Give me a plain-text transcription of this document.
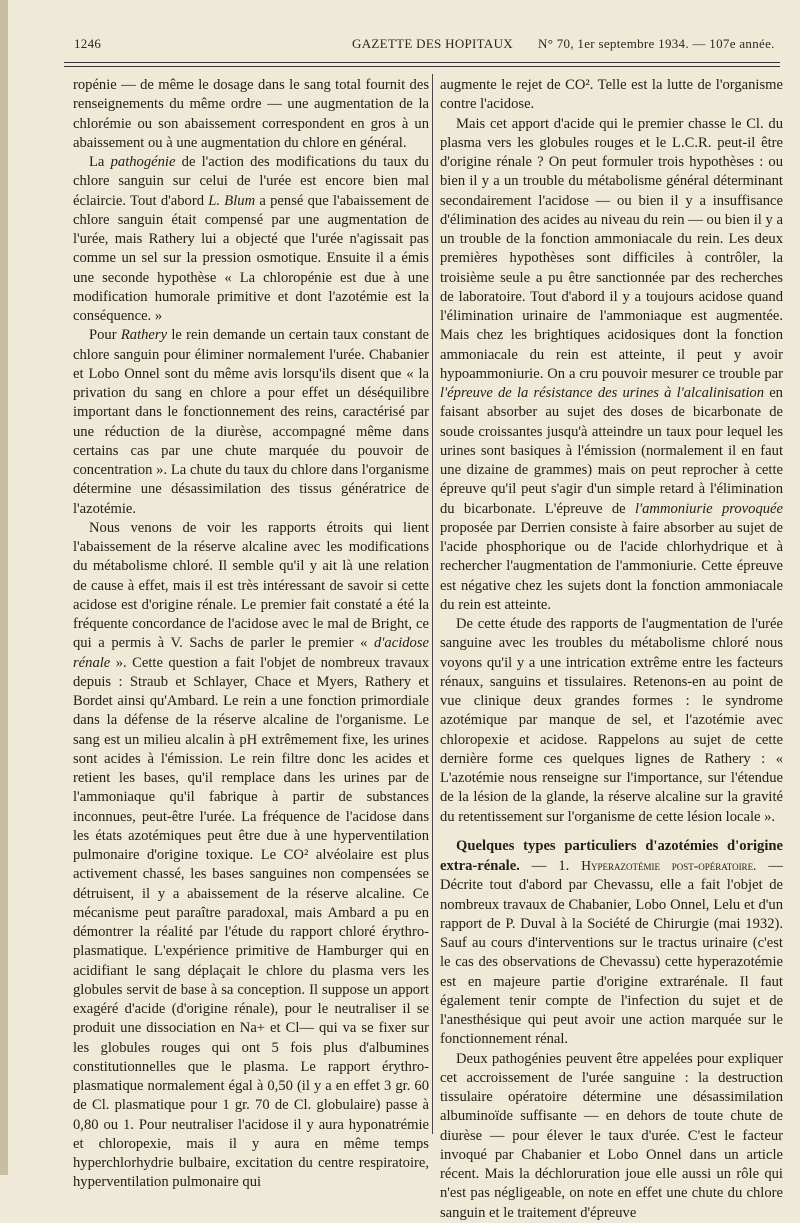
1246	GAZETTE DES HOPITAUX N° 70, 1er septembre 1934. — 107e année.

ropénie — de même le dosage dans le sang total fournit des renseignements du même ordre — une augmentation de la chlorémie ou son abaissement correspondent en gros à un abaissement ou à une augmentation du chlore en général.

La pathogénie de l'action des modifications du taux du chlore sanguin sur celui de l'urée est encore bien mal éclaircie. Tout d'abord L. Blum a pensé que l'abaissement de chlore sanguin était compensé par une augmentation de l'urée, mais Rathery lui a objecté que l'urée n'agissait pas comme un sel sur la pression osmotique. Ensuite il a émis une seconde hypothèse « La chloropénie est due à une modification humorale primitive et dont l'azotémie est la conséquence. »

Pour Rathery le rein demande un certain taux constant de chlore sanguin pour éliminer normalement l'urée. Chabanier et Lobo Onnel sont du même avis lorsqu'ils disent que « la privation du sang en chlore a pour effet un déséquilibre important dans le fonctionnement des reins, caractérisé par une réduction de la diurèse, accompagné même dans certains cas par une chute marquée du pouvoir de concentration ». La chute du taux du chlore dans l'organisme détermine une désassimilation des tissus génératrice de l'azotémie.

Nous venons de voir les rapports étroits qui lient l'abaissement de la réserve alcaline avec les modifications du métabolisme chloré. Il semble qu'il y ait là une relation de cause à effet, mais il est très intéressant de savoir si cette acidose est d'origine rénale. Le premier fait constaté a été la fréquente concordance de l'acidose avec le mal de Bright, ce qui a permis à V. Sachs de parler le premier « d'acidose rénale ». Cette question a fait l'objet de nombreux travaux depuis : Straub et Schlayer, Chace et Myers, Rathery et Bordet ainsi qu'Ambard. Le rein a une fonction primordiale dans la défense de la réserve alcaline de l'organisme. Le sang est un milieu alcalin à pH extrêmement fixe, les urines sont acides à l'émission. Le rein filtre donc les acides et retient les bases, qu'il remplace dans les urines par de l'ammoniaque qu'il fabrique à partir de substances inconnues, peut-être l'urée. La fréquence de l'acidose dans les états azotémiques peut être due à une hyperventilation pulmonaire d'origine toxique. Le CO² alvéolaire est plus activement chassé, les bases sanguines non compensées se détruisent, il y a abaissement de la réserve alcaline. Ce mécanisme peut paraître paradoxal, mais Ambard a pu en démontrer la réalité par l'étude du rapport chloré érythro-plasmatique. L'expérience primitive de Hamburger qui en acidifiant le sang déplaçait le chlore du plasma vers les globules servit de base à sa conception. Il suppose un apport exagéré d'acide (d'origine rénale), pour le neutraliser il se produit une dissociation en Na+ et Cl— qui va se fixer sur les globules rouges qui ont 5 fois plus d'albumines constitutionnelles que le plasma. Le rapport érythro-plasmatique normalement égal à 0,50 (il y a en effet 3 gr. 60 de Cl. plasmatique pour 1 gr. 70 de Cl. globulaire) passe à 0,80 ou 1. Pour neutraliser l'acidose il y aura hyponatrémie et chloropexie, mais il y aura en même temps hyperchlorhydrie bulbaire, excitation du centre respiratoire, hyperventilation pulmonaire qui

augmente le rejet de CO². Telle est la lutte de l'organisme contre l'acidose.

Mais cet apport d'acide qui le premier chasse le Cl. du plasma vers les globules rouges et le L.C.R. peut-il être d'origine rénale ? On peut formuler trois hypothèses : ou bien il y a un trouble du métabolisme général déterminant secondairement l'acidose — ou bien il y a insuffisance d'élimination des acides au niveau du rein — ou bien il y a un trouble de la fonction ammoniacale du rein. Les deux premières hypothèses sont difficiles à contrôler, la troisième seule a pu être sanctionnée par des recherches de laboratoire. Tout d'abord il y a toujours acidose quand l'élimination urinaire de l'ammoniaque est augmentée. Mais chez les brightiques acidosiques dont la fonction ammoniacale du rein est atteinte, il peut y avoir hypoammoniurie. On a cru pouvoir mesurer ce trouble par l'épreuve de la résistance des urines à l'alcalinisation en faisant absorber au sujet des doses de bicarbonate de soude croissantes jusqu'à atteindre un taux pour lequel les urines sont basiques à l'émission (normalement il en faut une dizaine de grammes) mais on peut reprocher à cette épreuve qu'il peut s'agir d'un simple retard à l'élimination du bicarbonate. L'épreuve de l'ammoniurie provoquée proposée par Derrien consiste à faire absorber au sujet de l'acide phosphorique ou de l'acide chlorhydrique et à rechercher l'augmentation de l'ammoniurie. Cette épreuve est négative chez les sujets dont la fonction ammoniacale du rein est atteinte.

De cette étude des rapports de l'augmentation de l'urée sanguine avec les troubles du métabolisme chloré nous voyons qu'il y a une intrication extrême entre les facteurs rénaux, sanguins et tissulaires. Retenons-en au point de vue clinique deux grandes formes : le syndrome azotémique par manque de sel, et l'azotémie avec chloropexie et acidose. Rappelons au sujet de cette dernière forme ces quelques lignes de Rathery : « L'azotémie nous renseigne sur l'importance, sur l'étendue de la lésion de la glande, la réserve alcaline sur la gravité du retentissement sur l'organisme de cette lésion locale ».

Quelques types particuliers d'azotémies d'origine extra-rénale. — 1. Hyperazotémie post-opératoire. — Décrite tout d'abord par Chevassu, elle a fait l'objet de nombreux travaux de Chabanier, Lobo Onnel, Lelu et d'un rapport de P. Duval à la Société de Chirurgie (mai 1932). Sauf au cours d'interventions sur le tractus urinaire (c'est le cas des observations de Chevassu) cette hyperazotémie est en majeure partie d'origine extrarénale. Il faut également tenir compte de l'infection du sujet et de l'anesthésique qui peut avoir une action marquée sur le fonctionnement rénal.

Deux pathogénies peuvent être appelées pour expliquer cet accroissement de l'urée sanguine : la destruction tissulaire opératoire détermine une désassimilation albuminoïde suffisante — en dehors de toute chute de diurèse — pour élever le taux d'urée. C'est le facteur invoqué par Chabanier et Lobo Onnel dans un article récent. Mais la déchloruration joue elle aussi un rôle qui n'est pas négligeable, on note en effet une chute du chlore sanguin et le traitement d'épreuve
